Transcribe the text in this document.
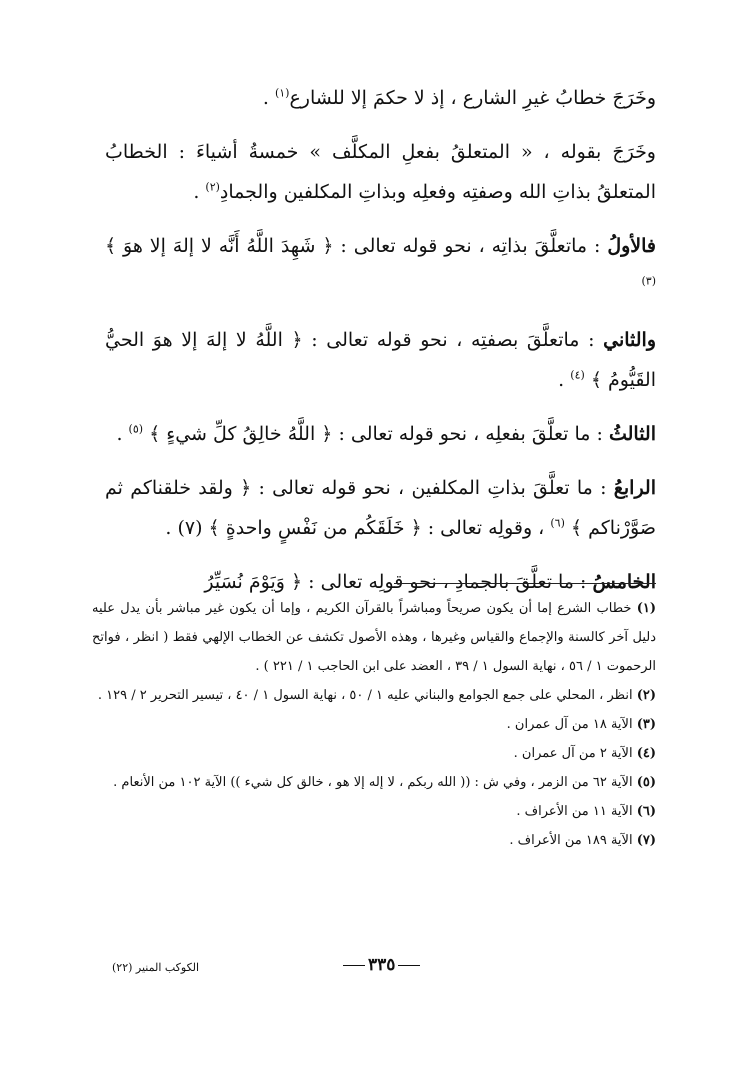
وخَرَجَ خطابُ غيرِ الشارع ، إذ لا حكمَ إلا للشارع$^{(١)}$ .

وخَرَجَ بقوله ، « المتعلقُ بفعلِ المكلَّف » خمسةُ أشياءَ : الخطابُ المتعلقُ بذاتِ الله وصفتِه وفعلِه وبذاتِ المكلفين والجمادِ$^{(٢)}$ .

فالأولُ : ماتعلَّقَ بذاتِه ، نحو قوله تعالى : ﴿ شَهِدَ اللَّهُ أَنَّه لا إلهَ إلا هوَ ﴾ $^{(٣)}$

والثاني : ماتعلَّقَ بصفتِه ، نحو قوله تعالى : ﴿ اللَّهُ لا إلهَ إلا هوَ الحيُّ القَيُّومُ ﴾ $^{(٤)}$ .

الثالثُ : ما تعلَّقَ بفعلِه ، نحو قوله تعالى : ﴿ اللَّهُ خالِقُ كلِّ شيءٍ ﴾ $^{(٥)}$ .

الرابعُ : ما تعلَّقَ بذاتِ المكلفين ، نحو قوله تعالى : ﴿ ولقد خلقناكم ثم صَوَّرْناكم ﴾ $^{(٦)}$ ، وقولِه تعالى : ﴿ خَلَقَكُم من نَفْسٍ واحدةٍ ﴾ (٧) .

الخامسُ : ما تعلَّقَ بالجمادِ ، نحو قولِه تعالى : ﴿ وَيَوْمَ نُسَيِّرُ

(١) خطاب الشرع إما أن يكون صريحاً ومباشراً بالقرآن الكريم ، وإما أن يكون غير مباشر بأن يدل عليه دليل آخر كالسنة والإجماع والقياس وغيرها ، وهذه الأصول تكشف عن الخطاب الإلهي فقط ( انظر ، فواتح الرحموت ١ / ٥٦ ، نهاية السول ١ / ٣٩ ، العضد على ابن الحاجب ١ / ٢٢١ ) .

(٢) انظر ، المحلي على جمع الجوامع والبناني عليه ١ / ٥٠ ، نهاية السول ١ / ٤٠ ، تيسير التحرير ٢ / ١٢٩ .

(٣) الآية ١٨ من آل عمران .

(٤) الآية ٢ من آل عمران .

(٥) الآية ٦٢ من الزمر ، وفي ش : (( الله ربكم ، لا إله إلا هو ، خالق كل شيء )) الآية ١٠٢ من الأنعام .

(٦) الآية ١١ من الأعراف .

(٧) الآية ١٨٩ من الأعراف .

٣٣٥
الكوكب المنير (٢٢)
